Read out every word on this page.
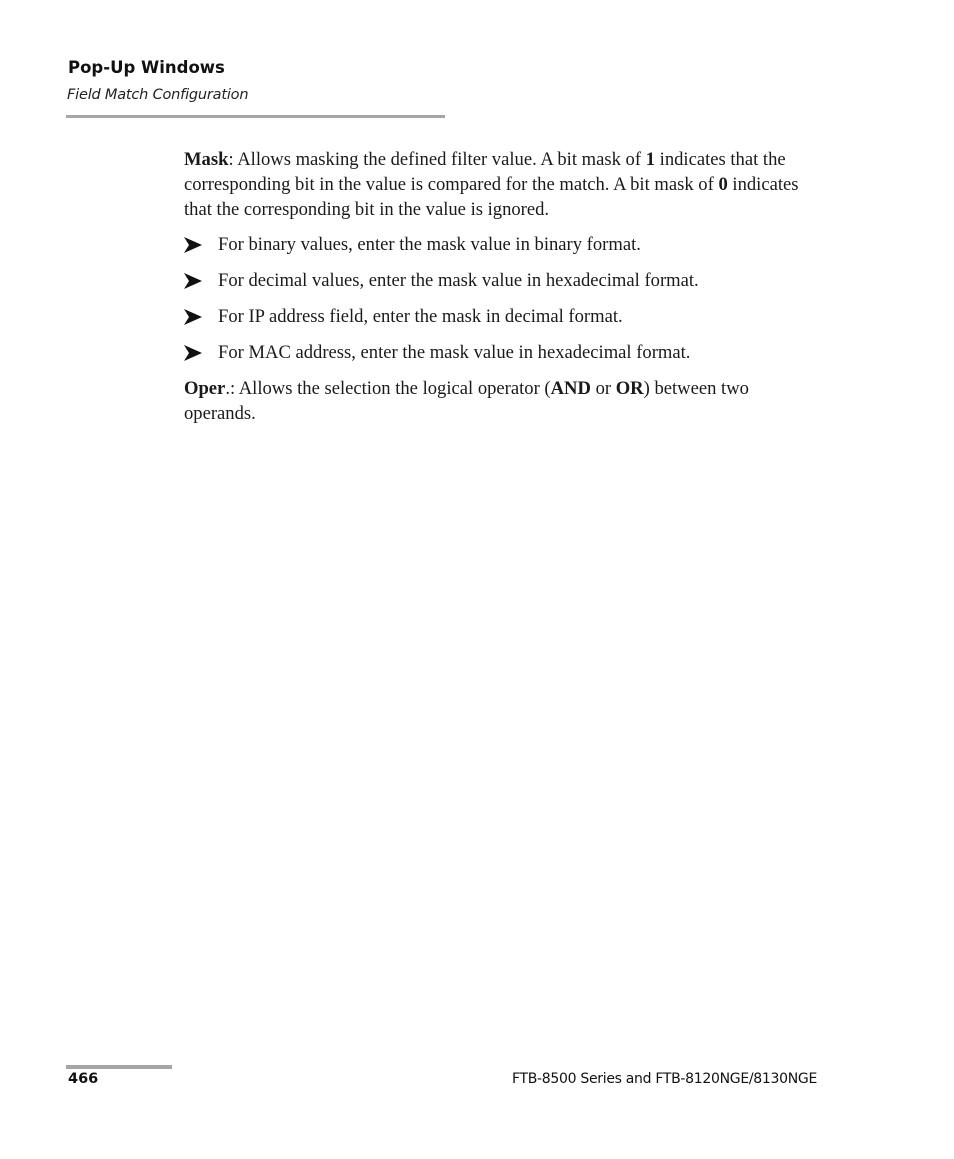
Pop-Up Windows
Field Match Configuration

Mask: Allows masking the defined filter value. A bit mask of 1 indicates that the corresponding bit in the value is compared for the match. A bit mask of 0 indicates that the corresponding bit in the value is ignored.

For binary values, enter the mask value in binary format.
For decimal values, enter the mask value in hexadecimal format.
For IP address field, enter the mask in decimal format.
For MAC address, enter the mask value in hexadecimal format.

Oper.: Allows the selection the logical operator (AND or OR) between two operands.

466	FTB-8500 Series and FTB-8120NGE/8130NGE
